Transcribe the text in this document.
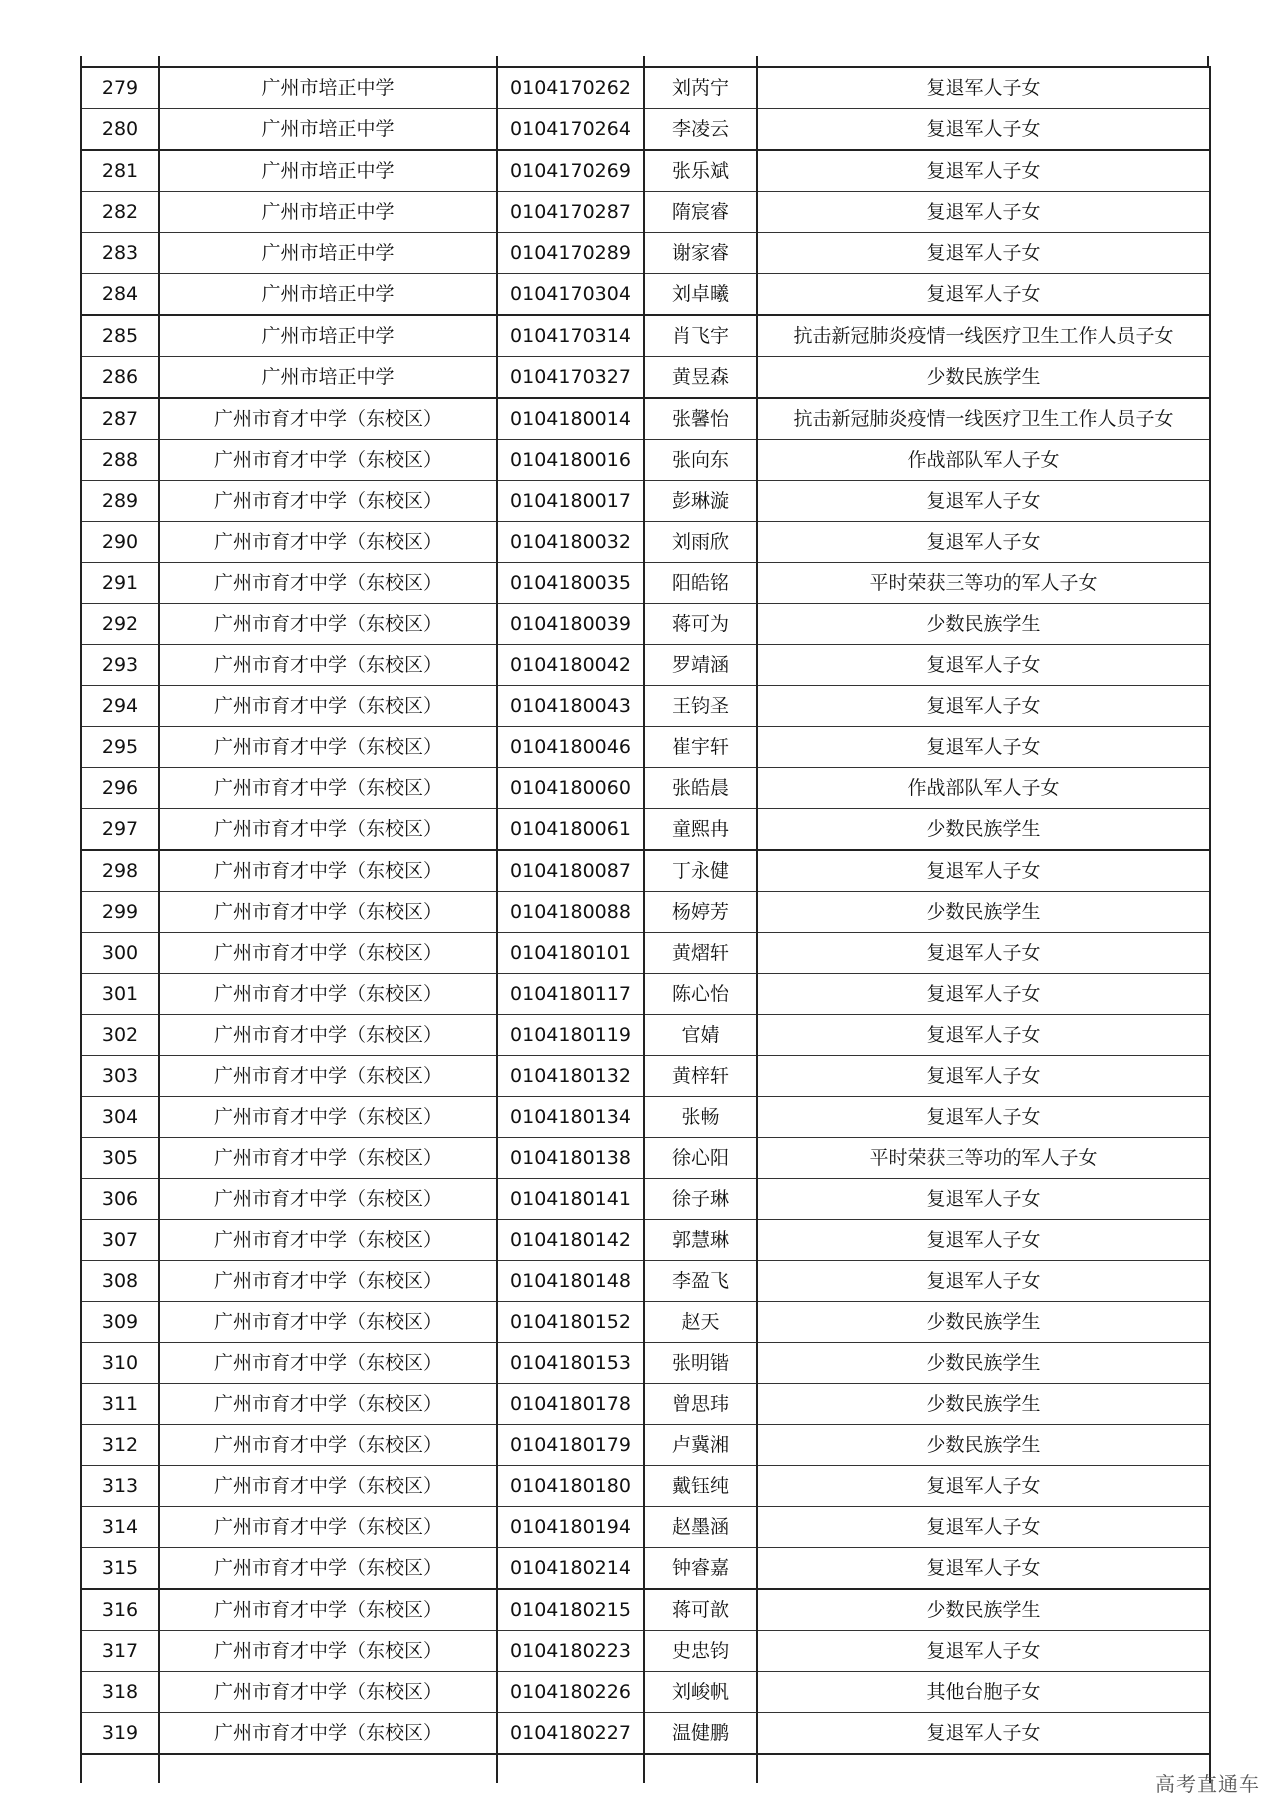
279	广州市培正中学	0104170262	刘芮宁	复退军人子女
280	广州市培正中学	0104170264	李凌云	复退军人子女
281	广州市培正中学	0104170269	张乐斌	复退军人子女
282	广州市培正中学	0104170287	隋宸睿	复退军人子女
283	广州市培正中学	0104170289	谢家睿	复退军人子女
284	广州市培正中学	0104170304	刘卓曦	复退军人子女
285	广州市培正中学	0104170314	肖飞宇	抗击新冠肺炎疫情一线医疗卫生工作人员子女
286	广州市培正中学	0104170327	黄昱森	少数民族学生
287	广州市育才中学（东校区）	0104180014	张馨怡	抗击新冠肺炎疫情一线医疗卫生工作人员子女
288	广州市育才中学（东校区）	0104180016	张向东	作战部队军人子女
289	广州市育才中学（东校区）	0104180017	彭琳漩	复退军人子女
290	广州市育才中学（东校区）	0104180032	刘雨欣	复退军人子女
291	广州市育才中学（东校区）	0104180035	阳皓铭	平时荣获三等功的军人子女
292	广州市育才中学（东校区）	0104180039	蒋可为	少数民族学生
293	广州市育才中学（东校区）	0104180042	罗靖涵	复退军人子女
294	广州市育才中学（东校区）	0104180043	王钧圣	复退军人子女
295	广州市育才中学（东校区）	0104180046	崔宇轩	复退军人子女
296	广州市育才中学（东校区）	0104180060	张皓晨	作战部队军人子女
297	广州市育才中学（东校区）	0104180061	童熙冉	少数民族学生
298	广州市育才中学（东校区）	0104180087	丁永健	复退军人子女
299	广州市育才中学（东校区）	0104180088	杨婷芳	少数民族学生
300	广州市育才中学（东校区）	0104180101	黄熠轩	复退军人子女
301	广州市育才中学（东校区）	0104180117	陈心怡	复退军人子女
302	广州市育才中学（东校区）	0104180119	官婧	复退军人子女
303	广州市育才中学（东校区）	0104180132	黄梓轩	复退军人子女
304	广州市育才中学（东校区）	0104180134	张畅	复退军人子女
305	广州市育才中学（东校区）	0104180138	徐心阳	平时荣获三等功的军人子女
306	广州市育才中学（东校区）	0104180141	徐子琳	复退军人子女
307	广州市育才中学（东校区）	0104180142	郭慧琳	复退军人子女
308	广州市育才中学（东校区）	0104180148	李盈飞	复退军人子女
309	广州市育才中学（东校区）	0104180152	赵天	少数民族学生
310	广州市育才中学（东校区）	0104180153	张明锴	少数民族学生
311	广州市育才中学（东校区）	0104180178	曾思玮	少数民族学生
312	广州市育才中学（东校区）	0104180179	卢冀湘	少数民族学生
313	广州市育才中学（东校区）	0104180180	戴钰纯	复退军人子女
314	广州市育才中学（东校区）	0104180194	赵墨涵	复退军人子女
315	广州市育才中学（东校区）	0104180214	钟睿嘉	复退军人子女
316	广州市育才中学（东校区）	0104180215	蒋可歆	少数民族学生
317	广州市育才中学（东校区）	0104180223	史忠钧	复退军人子女
318	广州市育才中学（东校区）	0104180226	刘峻帆	其他台胞子女
319	广州市育才中学（东校区）	0104180227	温健鹏	复退军人子女

高考直通车
